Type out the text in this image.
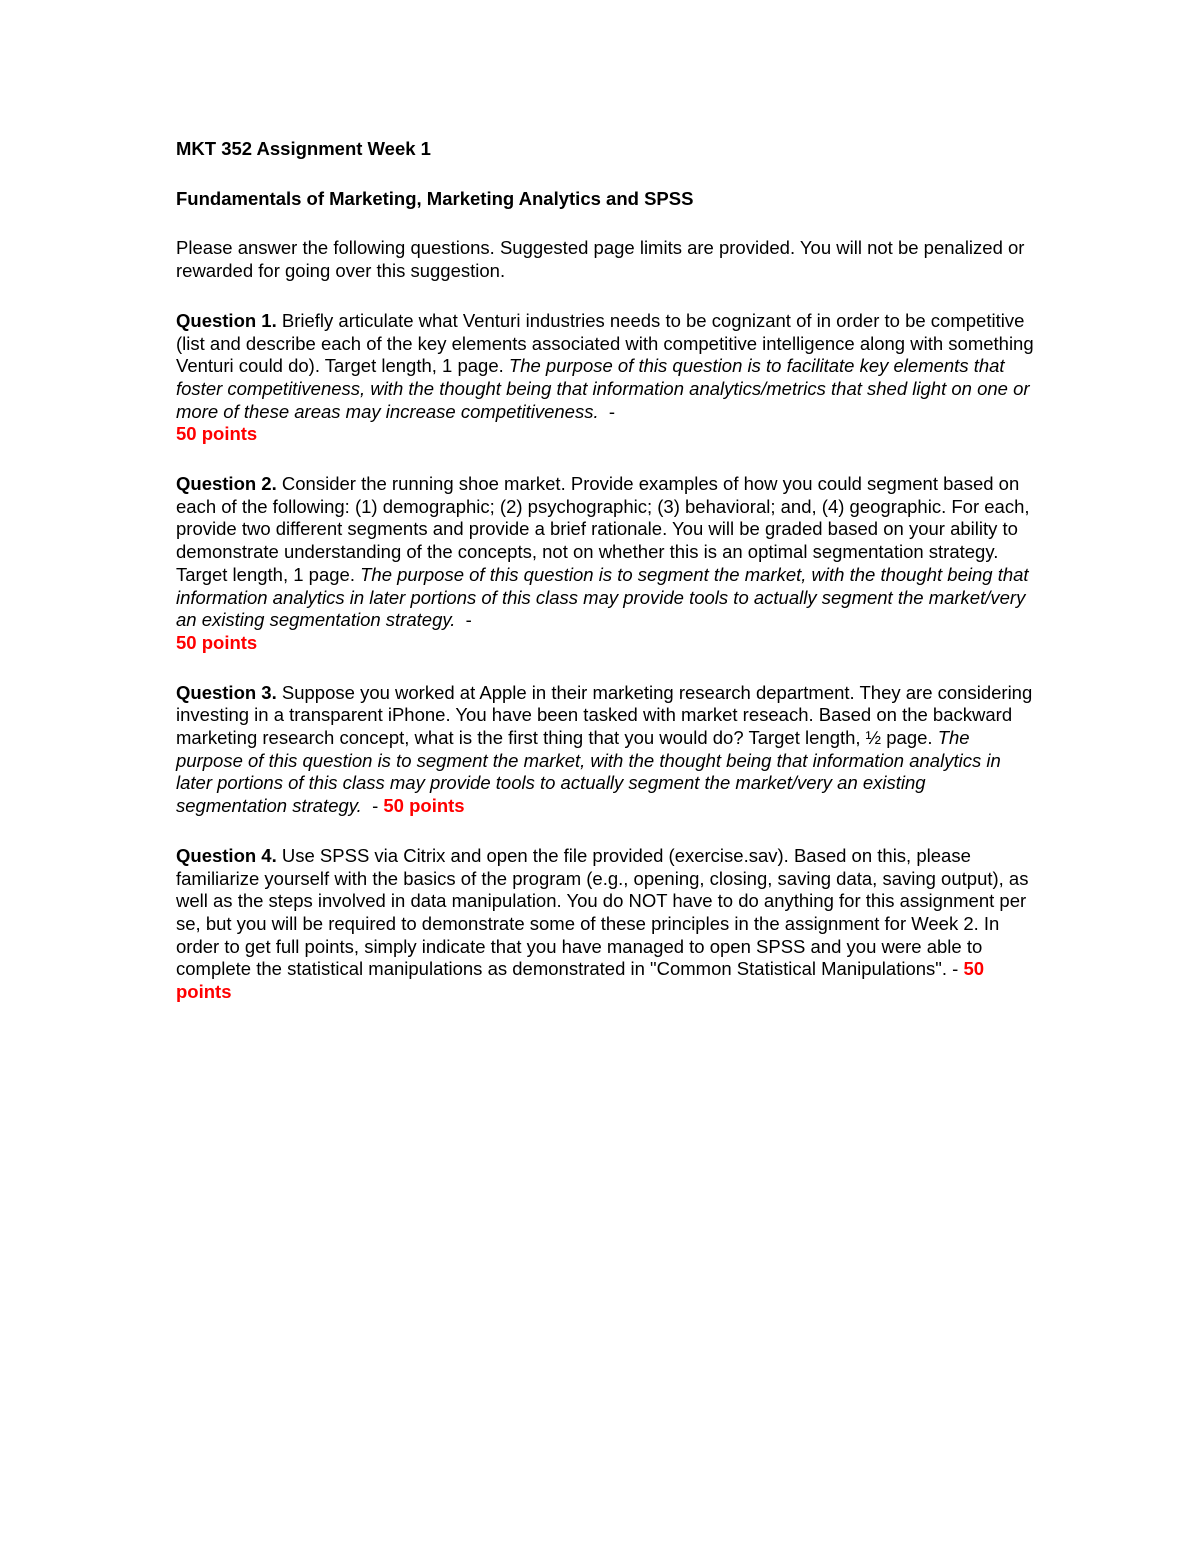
MKT 352 Assignment Week 1

Fundamentals of Marketing, Marketing Analytics and SPSS

Please answer the following questions. Suggested page limits are provided. You will not be penalized or rewarded for going over this suggestion.

Question 1. Briefly articulate what Venturi industries needs to be cognizant of in order to be competitive (list and describe each of the key elements associated with competitive intelligence along with something Venturi could do). Target length, 1 page. The purpose of this question is to facilitate key elements that foster competitiveness, with the thought being that information analytics/metrics that shed light on one or more of these areas may increase competitiveness.  -
50 points

Question 2. Consider the running shoe market. Provide examples of how you could segment based on each of the following: (1) demographic; (2) psychographic; (3) behavioral; and, (4) geographic. For each, provide two different segments and provide a brief rationale. You will be graded based on your ability to demonstrate understanding of the concepts, not on whether this is an optimal segmentation strategy. Target length, 1 page. The purpose of this question is to segment the market, with the thought being that information analytics in later portions of this class may provide tools to actually segment the market/very an existing segmentation strategy.  -
50 points

Question 3. Suppose you worked at Apple in their marketing research department. They are considering investing in a transparent iPhone. You have been tasked with market reseach. Based on the backward marketing research concept, what is the first thing that you would do? Target length, ½ page. The purpose of this question is to segment the market, with the thought being that information analytics in later portions of this class may provide tools to actually segment the market/very an existing segmentation strategy.  - 50 points

Question 4. Use SPSS via Citrix and open the file provided (exercise.sav). Based on this, please familiarize yourself with the basics of the program (e.g., opening, closing, saving data, saving output), as well as the steps involved in data manipulation. You do NOT have to do anything for this assignment per se, but you will be required to demonstrate some of these principles in the assignment for Week 2. In order to get full points, simply indicate that you have managed to open SPSS and you were able to complete the statistical manipulations as demonstrated in "Common Statistical Manipulations". - 50 points
